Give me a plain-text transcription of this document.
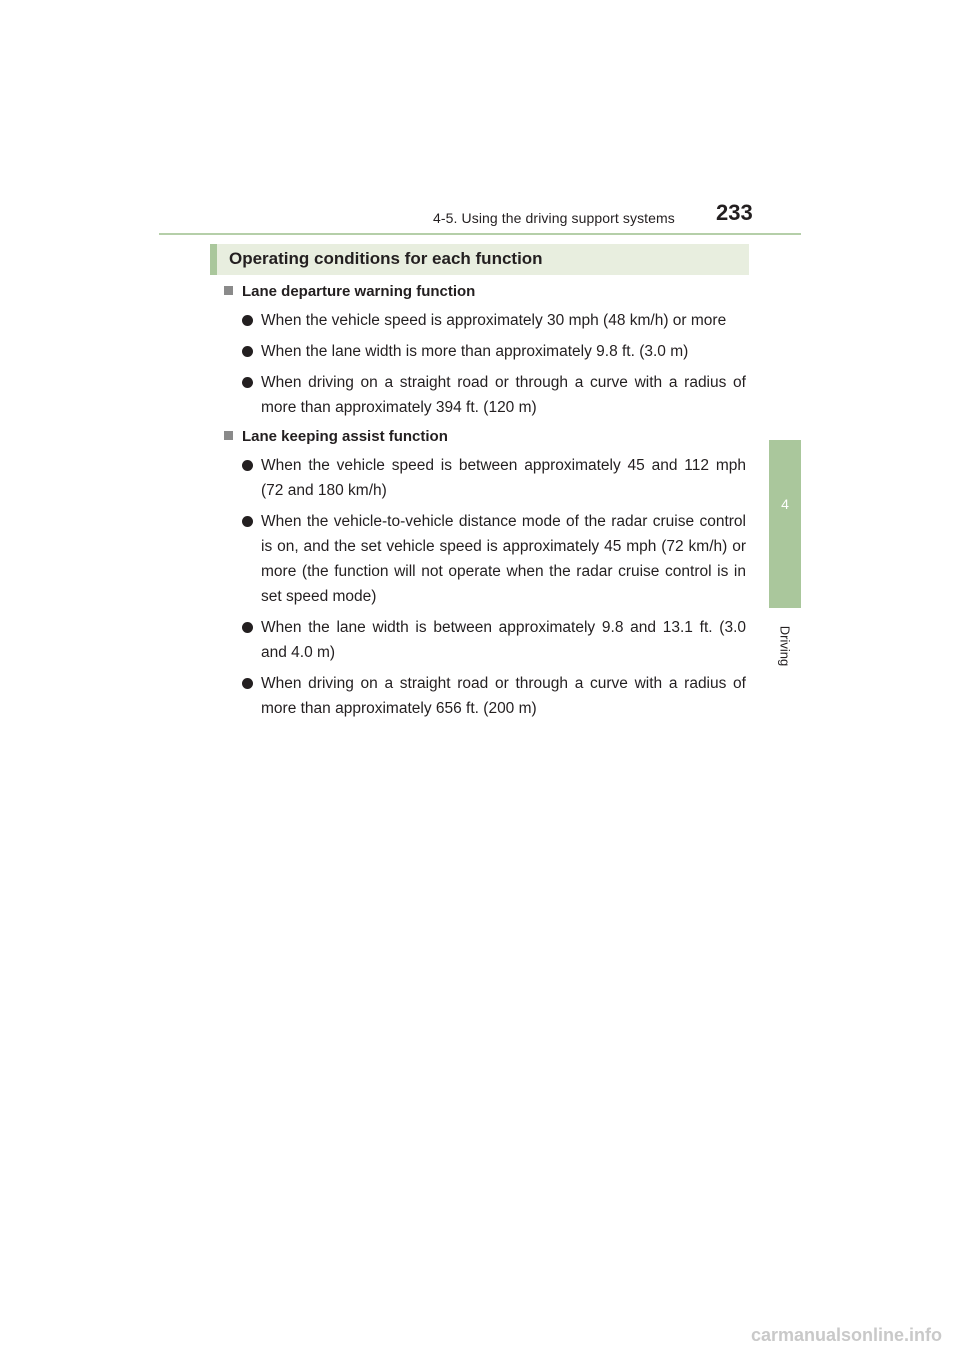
4-5. Using the driving support systems 233
4
Driving
Operating conditions for each function
Lane departure warning function
When the vehicle speed is approximately 30 mph (48 km/h) or more
When the lane width is more than approximately 9.8 ft. (3.0 m)
When driving on a straight road or through a curve with a radius of more than approximately 394 ft. (120 m)
Lane keeping assist function
When the vehicle speed is between approximately 45 and 112 mph (72 and 180 km/h)
When the vehicle-to-vehicle distance mode of the radar cruise control is on, and the set vehicle speed is approximately 45 mph (72 km/h) or more (the function will not operate when the radar cruise control is in set speed mode)
When the lane width is between approximately 9.8 and 13.1 ft. (3.0 and 4.0 m)
When driving on a straight road or through a curve with a radius of more than approximately 656 ft. (200 m)
carmanualsonline.info
